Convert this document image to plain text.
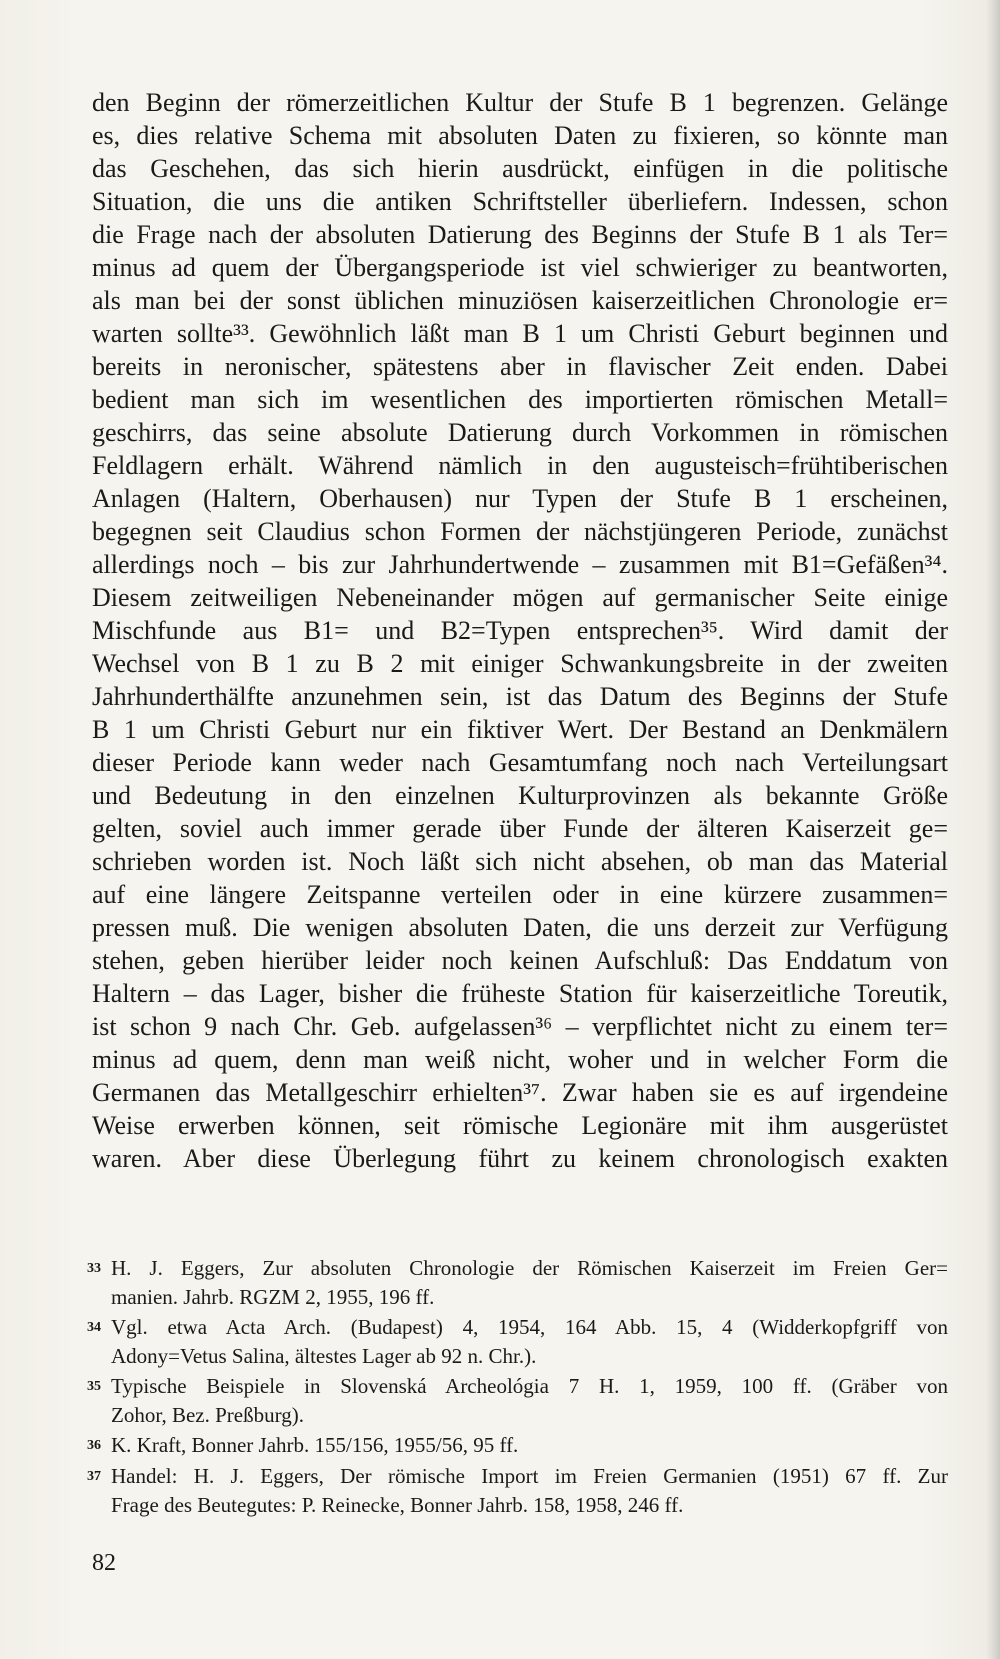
den Beginn der römerzeitlichen Kultur der Stufe B 1 begrenzen. Gelänge
es, dies relative Schema mit absoluten Daten zu fixieren, so könnte man
das Geschehen, das sich hierin ausdrückt, einfügen in die politische
Situation, die uns die antiken Schriftsteller überliefern. Indessen, schon
die Frage nach der absoluten Datierung des Beginns der Stufe B 1 als Ter=
minus ad quem der Übergangsperiode ist viel schwieriger zu beantworten,
als man bei der sonst üblichen minuziösen kaiserzeitlichen Chronologie er=
warten sollte³³. Gewöhnlich läßt man B 1 um Christi Geburt beginnen und
bereits in neronischer, spätestens aber in flavischer Zeit enden. Dabei
bedient man sich im wesentlichen des importierten römischen Metall=
geschirrs, das seine absolute Datierung durch Vorkommen in römischen
Feldlagern erhält. Während nämlich in den augusteisch=frühtiberischen
Anlagen (Haltern, Oberhausen) nur Typen der Stufe B 1 erscheinen,
begegnen seit Claudius schon Formen der nächstjüngeren Periode, zunächst
allerdings noch – bis zur Jahrhundertwende – zusammen mit B1=Gefäßen³⁴.
Diesem zeitweiligen Nebeneinander mögen auf germanischer Seite einige
Mischfunde aus B1= und B2=Typen entsprechen³⁵. Wird damit der
Wechsel von B 1 zu B 2 mit einiger Schwankungsbreite in der zweiten
Jahrhunderthälfte anzunehmen sein, ist das Datum des Beginns der Stufe
B 1 um Christi Geburt nur ein fiktiver Wert. Der Bestand an Denkmälern
dieser Periode kann weder nach Gesamtumfang noch nach Verteilungsart
und Bedeutung in den einzelnen Kulturprovinzen als bekannte Größe
gelten, soviel auch immer gerade über Funde der älteren Kaiserzeit ge=
schrieben worden ist. Noch läßt sich nicht absehen, ob man das Material
auf eine längere Zeitspanne verteilen oder in eine kürzere zusammen=
pressen muß. Die wenigen absoluten Daten, die uns derzeit zur Verfügung
stehen, geben hierüber leider noch keinen Aufschluß: Das Enddatum von
Haltern – das Lager, bisher die früheste Station für kaiserzeitliche Toreutik,
ist schon 9 nach Chr. Geb. aufgelassen³⁶ – verpflichtet nicht zu einem ter=
minus ad quem, denn man weiß nicht, woher und in welcher Form die
Germanen das Metallgeschirr erhielten³⁷. Zwar haben sie es auf irgendeine
Weise erwerben können, seit römische Legionäre mit ihm ausgerüstet
waren. Aber diese Überlegung führt zu keinem chronologisch exakten
33 H. J. Eggers, Zur absoluten Chronologie der Römischen Kaiserzeit im Freien Ger=
manien. Jahrb. RGZM 2, 1955, 196 ff.
34 Vgl. etwa Acta Arch. (Budapest) 4, 1954, 164 Abb. 15, 4 (Widderkopfgriff von
Adony=Vetus Salina, ältestes Lager ab 92 n. Chr.).
35 Typische Beispiele in Slovenská Archeológia 7 H. 1, 1959, 100 ff. (Gräber von
Zohor, Bez. Preßburg).
36 K. Kraft, Bonner Jahrb. 155/156, 1955/56, 95 ff.
37 Handel: H. J. Eggers, Der römische Import im Freien Germanien (1951) 67 ff. Zur
Frage des Beutegutes: P. Reinecke, Bonner Jahrb. 158, 1958, 246 ff.
82
